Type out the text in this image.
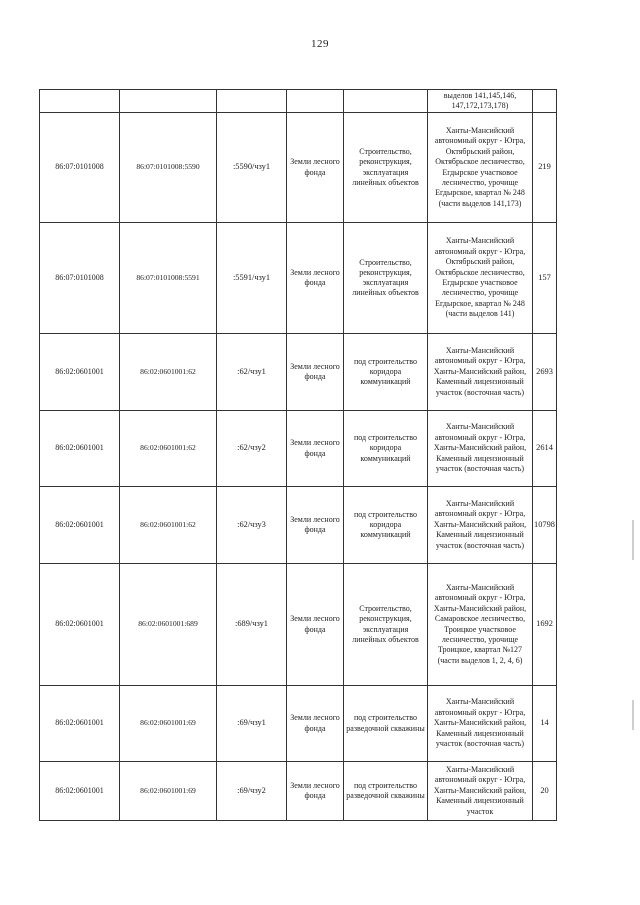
129
					выделов 141,145,146, 147,172,173,178)	
86:07:0101008	86:07:0101008:5590	:5590/чзу1	Земли лесного фонда	Строительство, реконструкция, эксплуатация линейных объектов	Ханты-Мансийский автономный округ - Югра, Октябрьский район, Октябрьское лесничество, Егдырское участковое лесничество, урочище Егдырское, квартал № 248 (части выделов 141,173)	219
86:07:0101008	86:07:0101008:5591	:5591/чзу1	Земли лесного фонда	Строительство, реконструкция, эксплуатация линейных объектов	Ханты-Мансийский автономный округ - Югра, Октябрьский район, Октябрьское лесничество, Егдырское участковое лесничество, урочище Егдырское, квартал № 248 (части выделов 141)	157
86:02:0601001	86:02:0601001:62	:62/чзу1	Земли лесного фонда	под строительство коридора коммуникаций	Ханты-Мансийский автономный округ - Югра, Ханты-Мансийский район, Каменный лицензионный участок (восточная часть)	2693
86:02:0601001	86:02:0601001:62	:62/чзу2	Земли лесного фонда	под строительство коридора коммуникаций	Ханты-Мансийский автономный округ - Югра, Ханты-Мансийский район, Каменный лицензионный участок (восточная часть)	2614
86:02:0601001	86:02:0601001:62	:62/чзу3	Земли лесного фонда	под строительство коридора коммуникаций	Ханты-Мансийский автономный округ - Югра, Ханты-Мансийский район, Каменный лицензионный участок (восточная часть)	10798
86:02:0601001	86:02:0601001:689	:689/чзу1	Земли лесного фонда	Строительство, реконструкция, эксплуатация линейных объектов	Ханты-Мансийский автономный округ - Югра, Ханты-Мансийский район, Самаровское лесничество, Троицкое участковое лесничество, урочище Троицкое, квартал №127 (части выделов 1, 2, 4, 6)	1692
86:02:0601001	86:02:0601001:69	:69/чзу1	Земли лесного фонда	под строительство разведочной скважины	Ханты-Мансийский автономный округ - Югра, Ханты-Мансийский район, Каменный лицензионный участок (восточная часть)	14
86:02:0601001	86:02:0601001:69	:69/чзу2	Земли лесного фонда	под строительство разведочной скважины	Ханты-Мансийский автономный округ - Югра, Ханты-Мансийский район, Каменный лицензионный участок	20
